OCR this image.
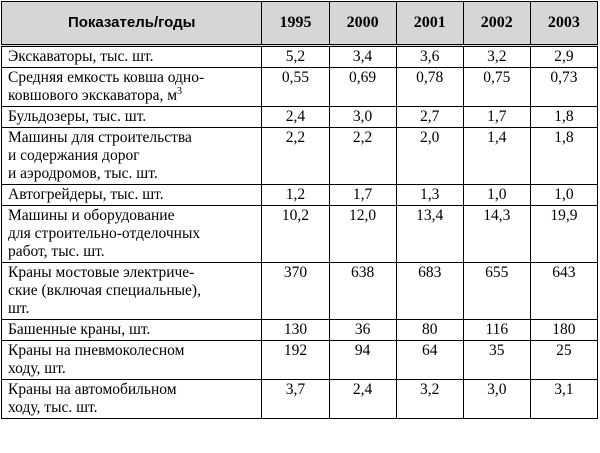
Показатель/годы	1995	2000	2001	2002	2003
Экскаваторы, тыс. шт.	5,2	3,4	3,6	3,2	2,9
Средняя емкость ковша одно-
ковшового экскаватора, $м^3$	0,55	0,69	0,78	0,75	0,73
Бульдозеры, тыс. шт.	2,4	3,0	2,7	1,7	1,8
Машины для строительства
и содержания дорог
и аэродромов, тыс. шт.	2,2	2,2	2,0	1,4	1,8
Автогрейдеры, тыс. шт.	1,2	1,7	1,3	1,0	1,0
Машины и оборудование
для строительно-отделочных
работ, тыс. шт.	10,2	12,0	13,4	14,3	19,9
Краны мостовые электриче-
ские (включая специальные),
шт.	370	638	683	655	643
Башенные краны, шт.	130	36	80	116	180
Краны на пневмоколесном
ходу, шт.	192	94	64	35	25
Краны на автомобильном
ходу, тыс. шт.	3,7	2,4	3,2	3,0	3,1
